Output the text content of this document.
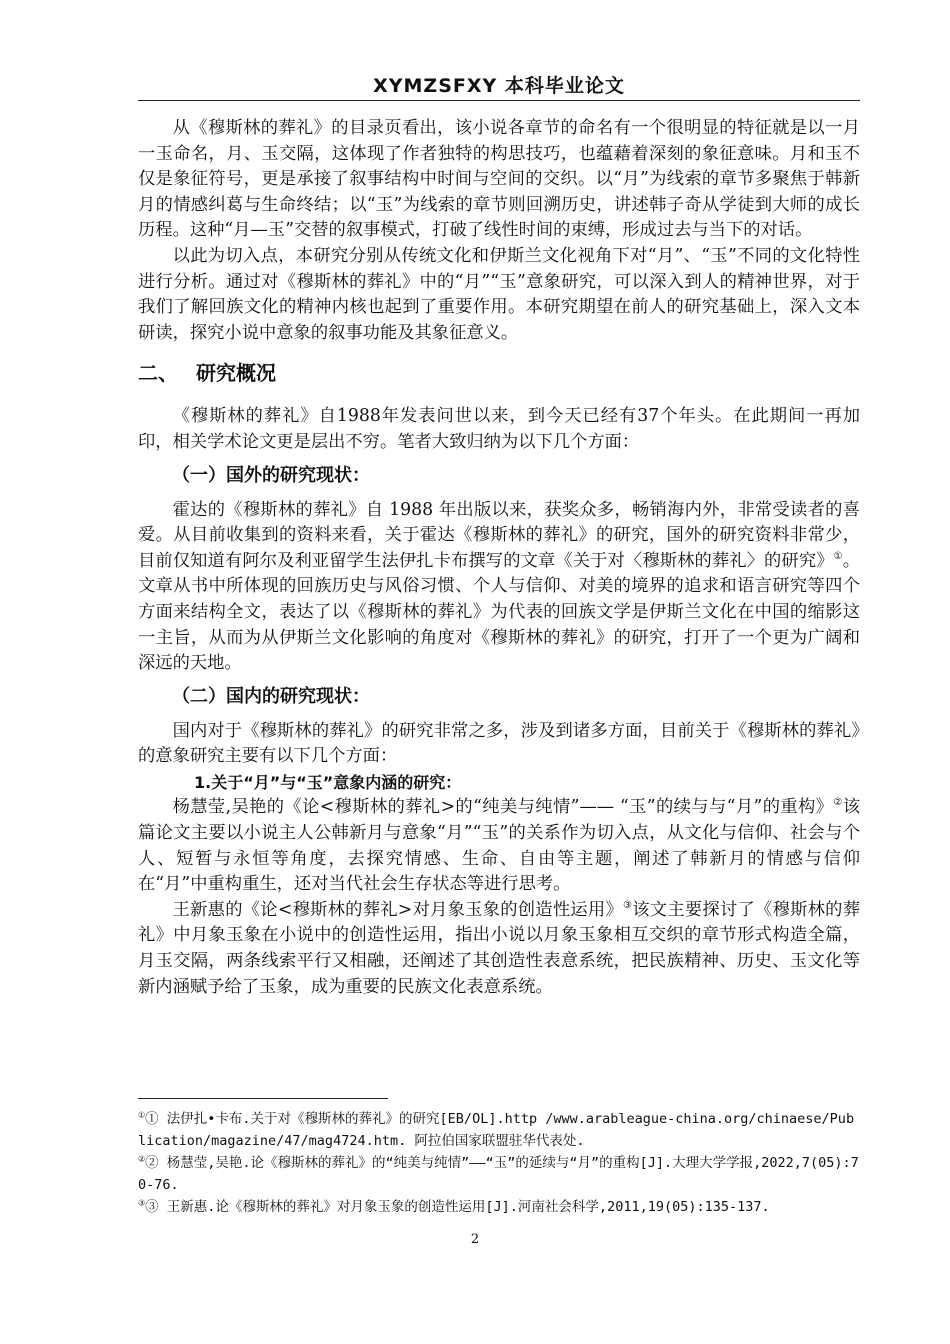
XYMZSFXY 本科毕业论文

从《穆斯林的葬礼》的目录页看出，该小说各章节的命名有一个很明显的特征就是以一月一玉命名，月、玉交隔，这体现了作者独特的构思技巧，也蕴藉着深刻的象征意味。月和玉不仅是象征符号，更是承接了叙事结构中时间与空间的交织。以“月”为线索的章节多聚焦于韩新月的情感纠葛与生命终结；以“玉”为线索的章节则回溯历史，讲述韩子奇从学徒到大师的成长历程。这种“月—玉”交替的叙事模式，打破了线性时间的束缚，形成过去与当下的对话。

以此为切入点，本研究分别从传统文化和伊斯兰文化视角下对“月”、“玉”不同的文化特性进行分析。通过对《穆斯林的葬礼》中的“月”“玉”意象研究，可以深入到人的精神世界，对于我们了解回族文化的精神内核也起到了重要作用。本研究期望在前人的研究基础上，深入文本研读，探究小说中意象的叙事功能及其象征意义。

二、 研究概况

《穆斯林的葬礼》自1988年发表问世以来，到今天已经有37个年头。在此期间一再加印，相关学术论文更是层出不穷。笔者大致归纳为以下几个方面：

（一）国外的研究现状：

霍达的《穆斯林的葬礼》自 1988 年出版以来，获奖众多，畅销海内外，非常受读者的喜爱。从目前收集到的资料来看，关于霍达《穆斯林的葬礼》的研究，国外的研究资料非常少，目前仅知道有阿尔及利亚留学生法伊扎卡布撰写的文章《关于对〈穆斯林的葬礼〉的研究》①。文章从书中所体现的回族历史与风俗习惯、个人与信仰、对美的境界的追求和语言研究等四个方面来结构全文，表达了以《穆斯林的葬礼》为代表的回族文学是伊斯兰文化在中国的缩影这一主旨，从而为从伊斯兰文化影响的角度对《穆斯林的葬礼》的研究，打开了一个更为广阔和深远的天地。

（二）国内的研究现状：

国内对于《穆斯林的葬礼》的研究非常之多，涉及到诸多方面，目前关于《穆斯林的葬礼》的意象研究主要有以下几个方面：

1.关于“月”与“玉”意象内涵的研究：

杨慧莹,吴艳的《论<穆斯林的葬礼>的“纯美与纯情”—— “玉”的续与与“月”的重构》②该篇论文主要以小说主人公韩新月与意象“月”“玉”的关系作为切入点，从文化与信仰、社会与个人、短暂与永恒等角度，去探究情感、生命、自由等主题，阐述了韩新月的情感与信仰在“月”中重构重生，还对当代社会生存状态等进行思考。

王新惠的《论<穆斯林的葬礼>对月象玉象的创造性运用》③该文主要探讨了《穆斯林的葬礼》中月象玉象在小说中的创造性运用，指出小说以月象玉象相互交织的章节形式构造全篇，月玉交隔，两条线索平行又相融，还阐述了其创造性表意系统，把民族精神、历史、玉文化等新内涵赋予给了玉象，成为重要的民族文化表意系统。

①① 法伊扎•卡布.关于对《穆斯林的葬礼》的研究[EB/OL].http /www.arableague-china.org/chinaese/Publication/magazine/47/mag4724.htm. 阿拉伯国家联盟驻华代表处.

②② 杨慧莹,吴艳.论《穆斯林的葬礼》的“纯美与纯情”——“玉”的延续与“月”的重构[J].大理大学学报,2022,7(05):70-76.

③③ 王新惠.论《穆斯林的葬礼》对月象玉象的创造性运用[J].河南社会科学,2011,19(05):135-137.

2
